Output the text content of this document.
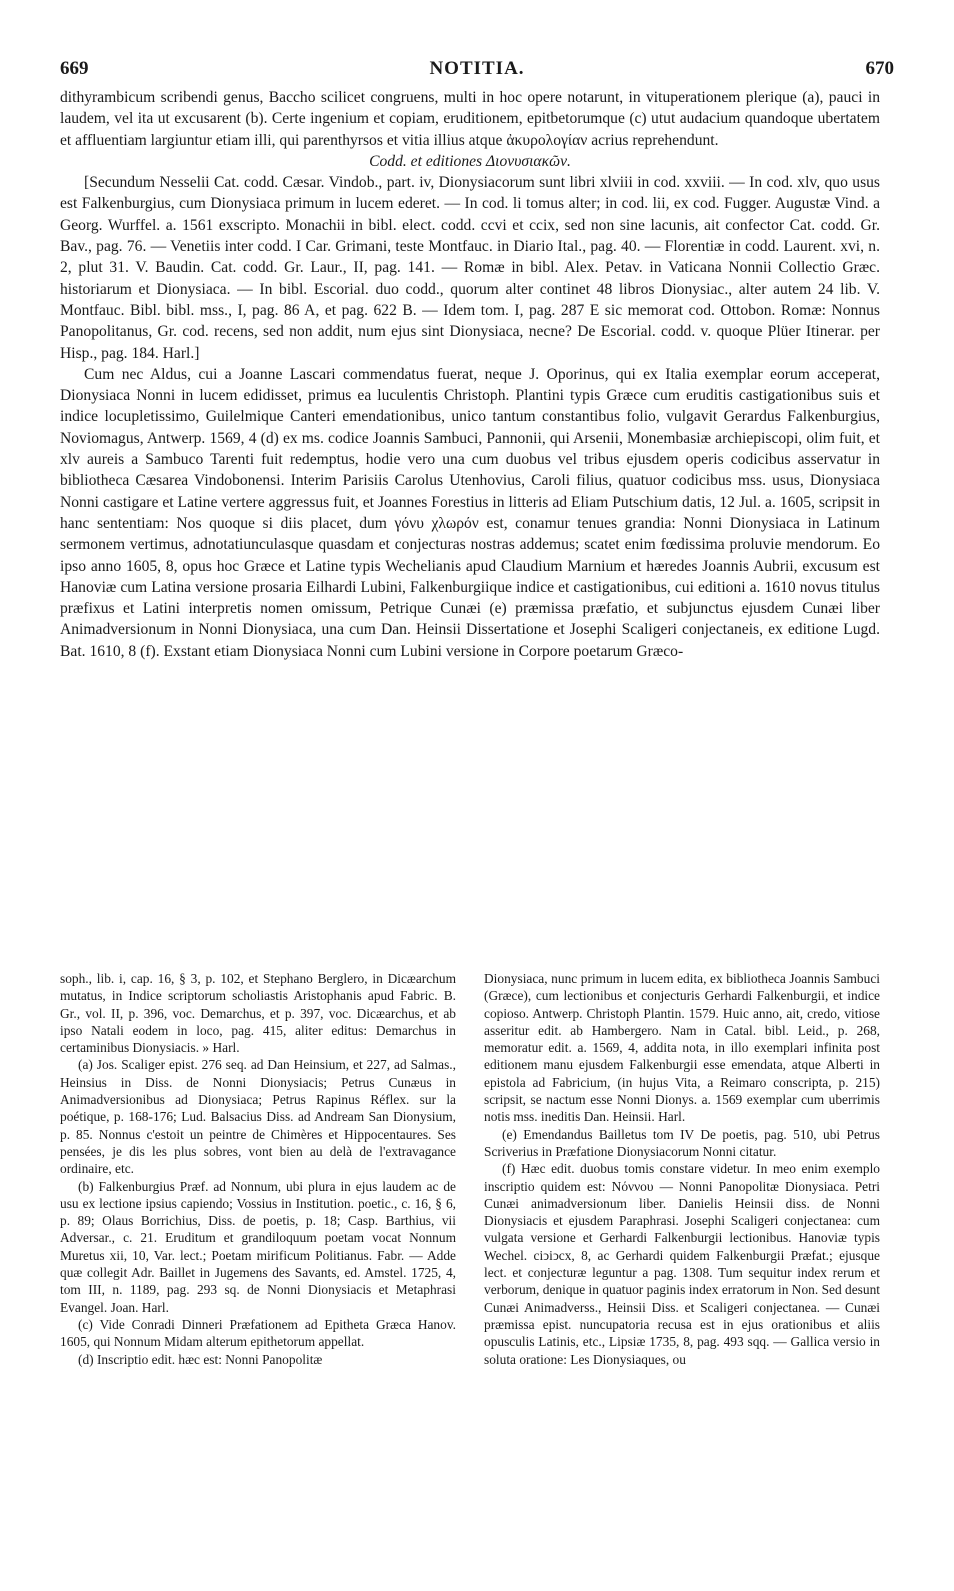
669	NOTITIA.	670

dithyrambicum scribendi genus, Baccho scilicet congruens, multi in hoc opere notarunt, in vituperationem plerique (a), pauci in laudem, vel ita ut excusarent (b). Certe ingenium et copiam, eruditionem, epitbetorumque (c) utut audacium quandoque ubertatem et affluentiam largiuntur etiam illi, qui parenthyrsos et vitia illius atque ἀκυρολογίαν acrius reprehendunt.

Codd. et editiones Διονυσιακῶν.

[Secundum Nesselii Cat. codd. Cæsar. Vindob., part. iv, Dionysiacorum sunt libri xlviii in cod. xxviii. — In cod. xlv, quo usus est Falkenburgius, cum Dionysiaca primum in lucem ederet. — In cod. li tomus alter; in cod. lii, ex cod. Fugger. Augustæ Vind. a Georg. Wurffel. a. 1561 exscripto. Monachii in bibl. elect. codd. ccvi et ccix, sed non sine lacunis, ait confector Cat. codd. Gr. Bav., pag. 76. — Venetiis inter codd. I Car. Grimani, teste Montfauc. in Diario Ital., pag. 40. — Florentiæ in codd. Laurent. xvi, n. 2, plut 31. V. Baudin. Cat. codd. Gr. Laur., II, pag. 141. — Romæ in bibl. Alex. Petav. in Vaticana Nonnii Collectio Græc. historiarum et Dionysiaca. — In bibl. Escorial. duo codd., quorum alter continet 48 libros Dionysiac., alter autem 24 lib. V. Montfauc. Bibl. bibl. mss., I, pag. 86 A, et pag. 622 B. — Idem tom. I, pag. 287 E sic memorat cod. Ottobon. Romæ: Nonnus Panopolitanus, Gr. cod. recens, sed non addit, num ejus sint Dionysiaca, necne? De Escorial. codd. v. quoque Plüer Itinerar. per Hisp., pag. 184. Harl.]

Cum nec Aldus, cui a Joanne Lascari commendatus fuerat, neque J. Oporinus, qui ex Italia exemplar eorum acceperat, Dionysiaca Nonni in lucem edidisset, primus ea luculentis Christoph. Plantini typis Græce cum eruditis castigationibus suis et indice locupletissimo, Guilelmique Canteri emendationibus, unico tantum constantibus folio, vulgavit Gerardus Falkenburgius, Noviomagus, Antwerp. 1569, 4 (d) ex ms. codice Joannis Sambuci, Pannonii, qui Arsenii, Monembasiæ archiepiscopi, olim fuit, et xlv aureis a Sambuco Tarenti fuit redemptus, hodie vero una cum duobus vel tribus ejusdem operis codicibus asservatur in bibliotheca Cæsarea Vindobonensi. Interim Parisiis Carolus Utenhovius, Caroli filius, quatuor codicibus mss. usus, Dionysiaca Nonni castigare et Latine vertere aggressus fuit, et Joannes Forestius in litteris ad Eliam Putschium datis, 12 Jul. a. 1605, scripsit in hanc sententiam: Nos quoque si diis placet, dum γόνυ χλωρόν est, conamur tenues grandia: Nonni Dionysiaca in Latinum sermonem vertimus, adnotatiunculasque quasdam et conjecturas nostras addemus; scatet enim fœdissima proluvie mendorum. Eo ipso anno 1605, 8, opus hoc Græce et Latine typis Wechelianis apud Claudium Marnium et hæredes Joannis Aubrii, excusum est Hanoviæ cum Latina versione prosaria Eilhardi Lubini, Falkenburgiique indice et castigationibus, cui editioni a. 1610 novus titulus præfixus et Latini interpretis nomen omissum, Petrique Cunæi (e) præmissa præfatio, et subjunctus ejusdem Cunæi liber Animadversionum in Nonni Dionysiaca, una cum Dan. Heinsii Dissertatione et Josephi Scaligeri conjectaneis, ex editione Lugd. Bat. 1610, 8 (f). Exstant etiam Dionysiaca Nonni cum Lubini versione in Corpore poetarum Græco-

soph., lib. i, cap. 16, § 3, p. 102, et Stephano Berglero, in Dicæarchum mutatus, in Indice scriptorum scholiastis Aristophanis apud Fabric. B. Gr., vol. II, p. 396, voc. Demarchus, et p. 397, voc. Dicæarchus, et ab ipso Natali eodem in loco, pag. 415, aliter editus: Demarchus in certaminibus Dionysiacis. » Harl.

(a) Jos. Scaliger epist. 276 seq. ad Dan Heinsium, et 227, ad Salmas., Heinsius in Diss. de Nonni Dionysiacis; Petrus Cunæus in Animadversionibus ad Dionysiaca; Petrus Rapinus Réflex. sur la poétique, p. 168-176; Lud. Balsacius Diss. ad Andream San Dionysium, p. 85. Nonnus c'estoit un peintre de Chimères et Hippocentaures. Ses pensées, je dis les plus sobres, vont bien au delà de l'extravagance ordinaire, etc.

(b) Falkenburgius Præf. ad Nonnum, ubi plura in ejus laudem ac de usu ex lectione ipsius capiendo; Vossius in Institution. poetic., c. 16, § 6, p. 89; Olaus Borrichius, Diss. de poetis, p. 18; Casp. Barthius, vii Adversar., c. 21. Eruditum et grandiloquum poetam vocat Nonnum Muretus xii, 10, Var. lect.; Poetam mirificum Politianus. Fabr. — Adde quæ collegit Adr. Baillet in Jugemens des Savants, ed. Amstel. 1725, 4, tom III, n. 1189, pag. 293 sq. de Nonni Dionysiacis et Metaphrasi Evangel. Joan. Harl.

(c) Vide Conradi Dinneri Præfationem ad Epitheta Græca Hanov. 1605, qui Nonnum Midam alterum epithetorum appellat.

(d) Inscriptio edit. hæc est: Nonni Panopolitæ

Dionysiaca, nunc primum in lucem edita, ex bibliotheca Joannis Sambuci (Græce), cum lectionibus et conjecturis Gerhardi Falkenburgii, et indice copioso. Antwerp. Christoph Plantin. 1579. Huic anno, ait, credo, vitiose asseritur edit. ab Hambergero. Nam in Catal. bibl. Leid., p. 268, memoratur edit. a. 1569, 4, addita nota, in illo exemplari infinita post editionem manu ejusdem Falkenburgii esse emendata, atque Alberti in epistola ad Fabricium, (in hujus Vita, a Reimaro conscripta, p. 215) scripsit, se nactum esse Nonni Dionys. a. 1569 exemplar cum uberrimis notis mss. ineditis Dan. Heinsii. Harl.

(e) Emendandus Bailletus tom IV De poetis, pag. 510, ubi Petrus Scriverius in Præfatione Dionysiacorum Nonni citatur.

(f) Hæc edit. duobus tomis constare videtur. In meo enim exemplo inscriptio quidem est: Νόννου — Nonni Panopolitæ Dionysiaca. Petri Cunæi animadversionum liber. Danielis Heinsii diss. de Nonni Dionysiacis et ejusdem Paraphrasi. Josephi Scaligeri conjectanea: cum vulgata versione et Gerhardi Falkenburgii lectionibus. Hanoviæ typis Wechel. ciↄiↄcx, 8, ac Gerhardi quidem Falkenburgii Præfat.; ejusque lect. et conjecturæ leguntur a pag. 1308. Tum sequitur index rerum et verborum, denique in quatuor paginis index erratorum in Non. Sed desunt Cunæi Animadverss., Heinsii Diss. et Scaligeri conjectanea. — Cunæi præmissa epist. nuncupatoria recusa est in ejus orationibus et aliis opusculis Latinis, etc., Lipsiæ 1735, 8, pag. 493 sqq. — Gallica versio in soluta oratione: Les Dionysiaques, ou
